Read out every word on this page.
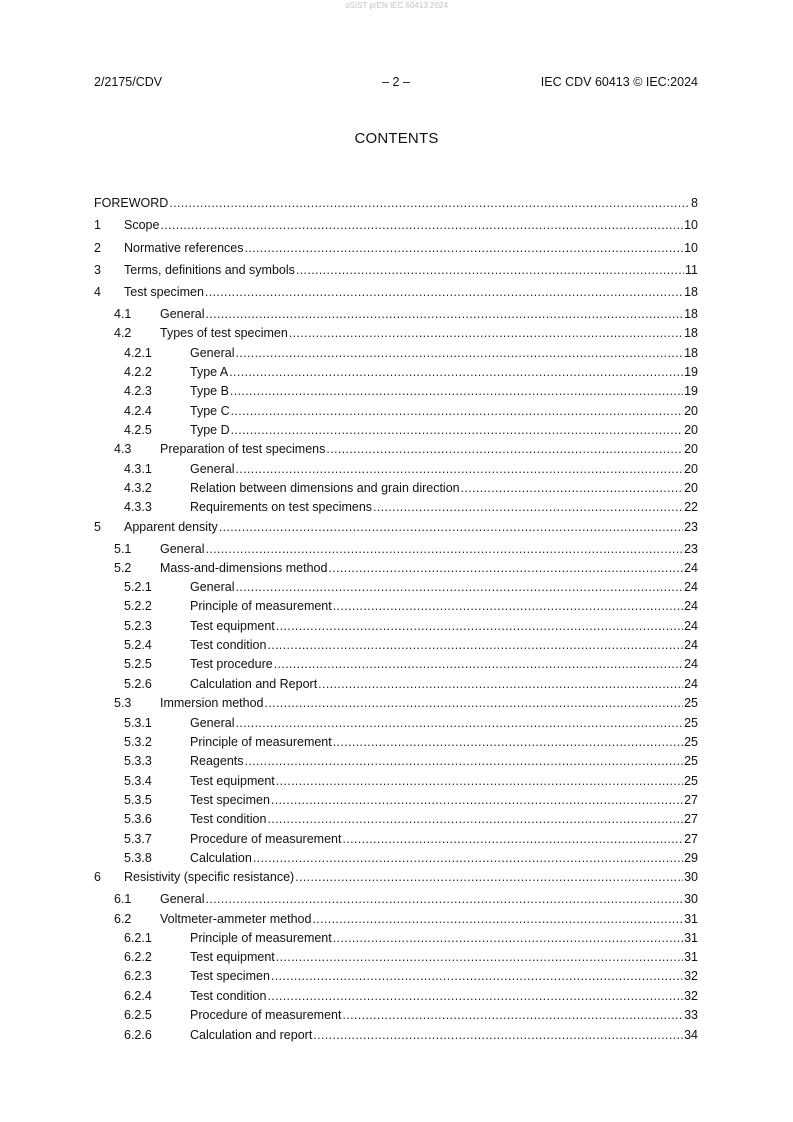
oSIST prEN IEC 60413:2024
2/2175/CDV	– 2 –	IEC CDV 60413 © IEC:2024
CONTENTS
FOREWORD .....	8
1 Scope .....	10
2 Normative references .....	10
3 Terms, definitions and symbols .....	11
4 Test specimen .....	18
4.1 General .....	18
4.2 Types of test specimen .....	18
4.2.1	General .....	18
4.2.2	Type A .....	19
4.2.3	Type B .....	19
4.2.4	Type C .....	20
4.2.5	Type D .....	20
4.3 Preparation of test specimens .....	20
4.3.1	General .....	20
4.3.2	Relation between dimensions and grain direction .....	20
4.3.3	Requirements on test specimens .....	22
5 Apparent density .....	23
5.1 General .....	23
5.2 Mass-and-dimensions method .....	24
5.2.1	General .....	24
5.2.2	Principle of measurement .....	24
5.2.3	Test equipment .....	24
5.2.4	Test condition .....	24
5.2.5	Test procedure .....	24
5.2.6	Calculation and Report .....	24
5.3 Immersion method .....	25
5.3.1	General .....	25
5.3.2	Principle of measurement .....	25
5.3.3	Reagents .....	25
5.3.4	Test equipment .....	25
5.3.5	Test specimen .....	27
5.3.6	Test condition .....	27
5.3.7	Procedure of measurement .....	27
5.3.8	Calculation .....	29
6 Resistivity (specific resistance) .....	30
6.1 General .....	30
6.2 Voltmeter-ammeter method .....	31
6.2.1	Principle of measurement .....	31
6.2.2	Test equipment .....	31
6.2.3	Test specimen .....	32
6.2.4	Test condition .....	32
6.2.5	Procedure of measurement .....	33
6.2.6	Calculation and report .....	34
